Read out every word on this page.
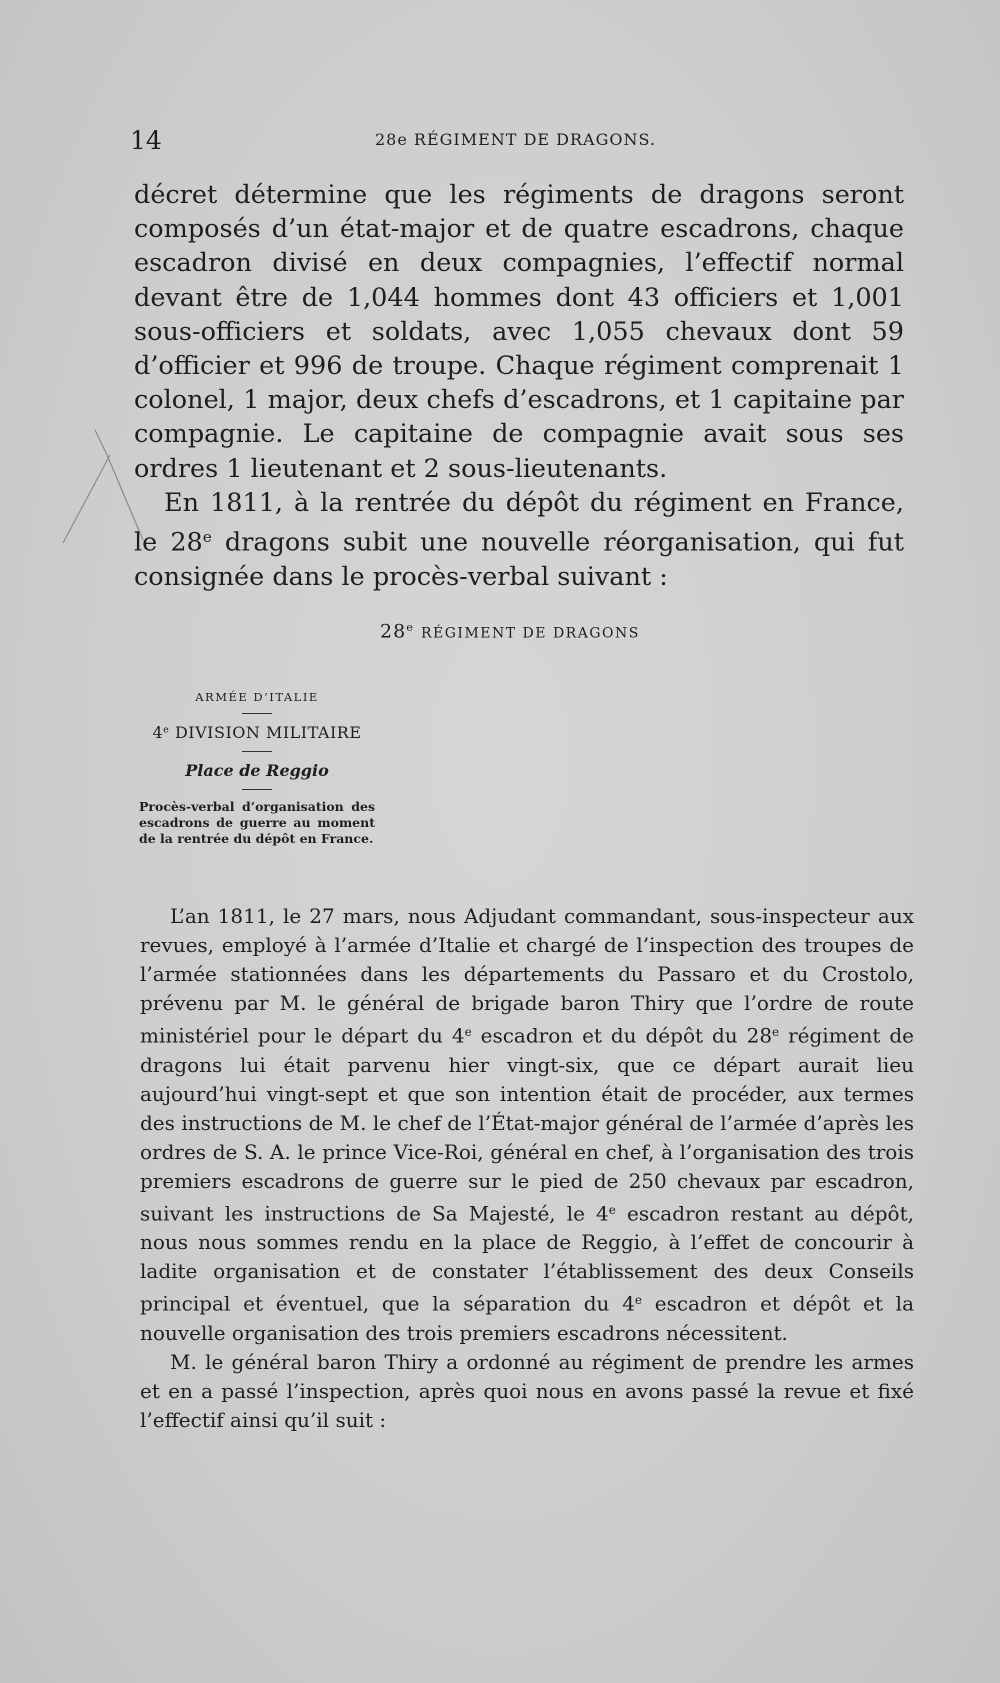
14	28e RÉGIMENT DE DRAGONS.

décret détermine que les régiments de dragons seront composés d’un état-major et de quatre escadrons, chaque escadron divisé en deux compagnies, l’effectif normal devant être de 1,044 hommes dont 43 officiers et 1,001 sous-officiers et soldats, avec 1,055 chevaux dont 59 d’officier et 996 de troupe. Chaque régiment comprenait 1 colonel, 1 major, deux chefs d’escadrons, et 1 capitaine par compagnie. Le capitaine de compagnie avait sous ses ordres 1 lieutenant et 2 sous-lieutenants.

En 1811, à la rentrée du dépôt du régiment en France, le 28e dragons subit une nouvelle réorganisation, qui fut consignée dans le procès-verbal suivant :

28e RÉGIMENT DE DRAGONS
ARMÉE D’ITALIE
4e DIVISION MILITAIRE
Place de Reggio
Procès-verbal d’organisation des escadrons de guerre au moment de la rentrée du dépôt en France.

L’an 1811, le 27 mars, nous Adjudant commandant, sous-inspecteur aux revues, employé à l’armée d’Italie et chargé de l’inspection des troupes de l’armée stationnées dans les départements du Passaro et du Crostolo, prévenu par M. le général de brigade baron Thiry que l’ordre de route ministériel pour le départ du 4e escadron et du dépôt du 28e régiment de dragons lui était parvenu hier vingt-six, que ce départ aurait lieu aujourd’hui vingt-sept et que son intention était de procéder, aux termes des instructions de M. le chef de l’État-major général de l’armée d’après les ordres de S. A. le prince Vice-Roi, général en chef, à l’organisation des trois premiers escadrons de guerre sur le pied de 250 chevaux par escadron, suivant les instructions de Sa Majesté, le 4e escadron restant au dépôt, nous nous sommes rendu en la place de Reggio, à l’effet de concourir à ladite organisation et de constater l’établissement des deux Conseils principal et éventuel, que la séparation du 4e escadron et dépôt et la nouvelle organisation des trois premiers escadrons nécessitent.

M. le général baron Thiry a ordonné au régiment de prendre les armes et en a passé l’inspection, après quoi nous en avons passé la revue et fixé l’effectif ainsi qu’il suit :
